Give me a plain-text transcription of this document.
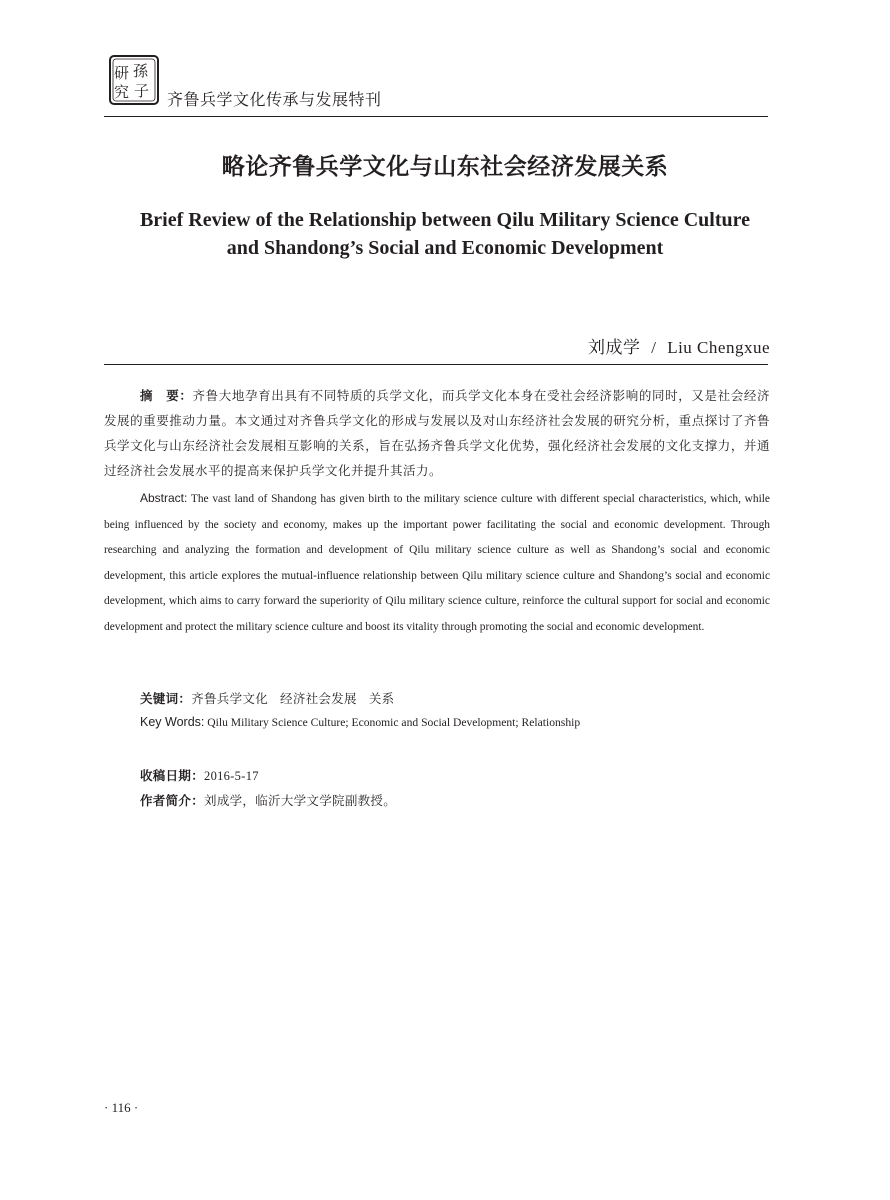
研 孫
究 子 齐鲁兵学文化传承与发展特刊
略论齐鲁兵学文化与山东社会经济发展关系
Brief Review of the Relationship between Qilu Military Science Culture
and Shandong’s Social and Economic Development
刘成学 / Liu Chengxue
摘　要：齐鲁大地孕育出具有不同特质的兵学文化，而兵学文化本身在受社会经济影响的同时，又是社会经济发展的重要推动力量。本文通过对齐鲁兵学文化的形成与发展以及对山东经济社会发展的研究分析，重点探讨了齐鲁兵学文化与山东经济社会发展相互影响的关系，旨在弘扬齐鲁兵学文化优势，强化经济社会发展的文化支撑力，并通过经济社会发展水平的提高来保护兵学文化并提升其活力。
Abstract: The vast land of Shandong has given birth to the military science culture with different special characteristics, which, while being influenced by the society and economy, makes up the important power facilitating the social and economic development. Through researching and analyzing the formation and development of Qilu military science culture as well as Shandong’s social and economic development, this article explores the mutual-influence relationship between Qilu military science culture and Shandong’s social and economic development, which aims to carry forward the superiority of Qilu military science culture, reinforce the cultural support for social and economic development and protect the military science culture and boost its vitality through promoting the social and economic development.
关键词：齐鲁兵学文化 经济社会发展 关系
Key Words: Qilu Military Science Culture; Economic and Social Development; Relationship
收稿日期：2016-5-17
作者简介：刘成学，临沂大学文学院副教授。
· 116 ·
